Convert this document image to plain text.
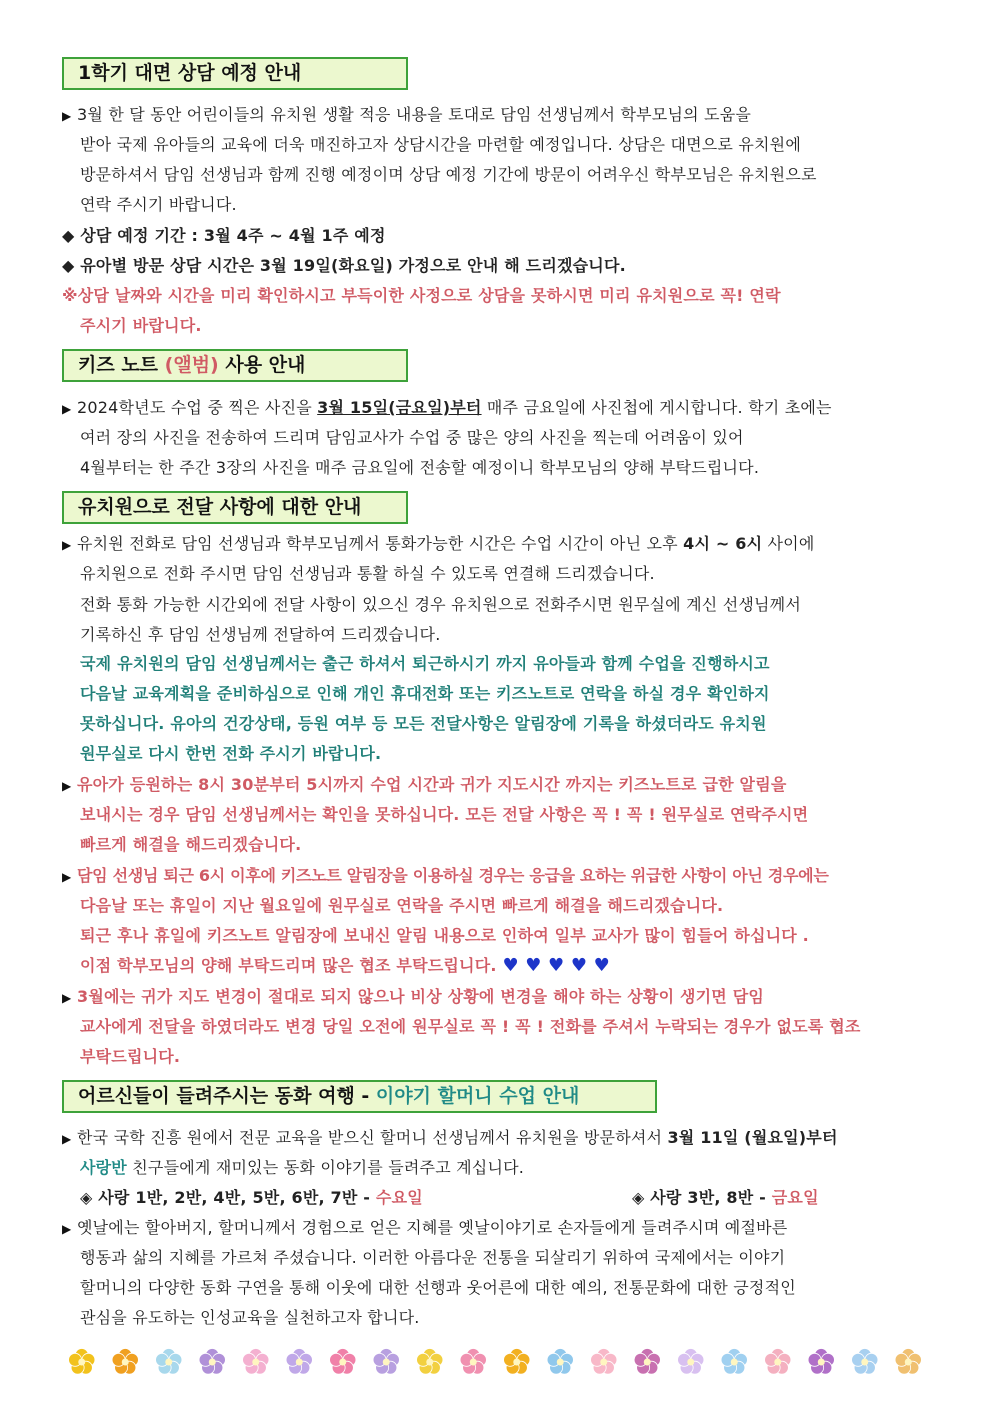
1학기 대면 상담 예정 안내
▶ 3월 한 달 동안 어린이들의 유치원 생활 적응 내용을 토대로 담임 선생님께서 학부모님의 도움을
받아 국제 유아들의 교육에 더욱 매진하고자 상담시간을 마련할 예정입니다. 상담은 대면으로 유치원에
방문하셔서 담임 선생님과 함께 진행 예정이며 상담 예정 기간에 방문이 어려우신 학부모님은 유치원으로
연락 주시기 바랍니다.
◆ 상담 예정 기간 : 3월 4주 ~ 4월 1주 예정
◆ 유아별 방문 상담 시간은 3월 19일(화요일) 가정으로 안내 해 드리겠습니다.
※상담 날짜와 시간을 미리 확인하시고 부득이한 사정으로 상담을 못하시면 미리 유치원으로 꼭! 연락
주시기 바랍니다.
키즈 노트 (앨범) 사용 안내
▶ 2024학년도 수업 중 찍은 사진을 3월 15일(금요일)부터 매주 금요일에 사진첩에 게시합니다. 학기 초에는
여러 장의 사진을 전송하여 드리며 담임교사가 수업 중 많은 양의 사진을 찍는데 어려움이 있어
4월부터는 한 주간 3장의 사진을 매주 금요일에 전송할 예정이니 학부모님의 양해 부탁드립니다.
유치원으로 전달 사항에 대한 안내
▶ 유치원 전화로 담임 선생님과 학부모님께서 통화가능한 시간은 수업 시간이 아닌 오후 4시 ~ 6시 사이에
유치원으로 전화 주시면 담임 선생님과 통활 하실 수 있도록 연결해 드리겠습니다.
전화 통화 가능한 시간외에 전달 사항이 있으신 경우 유치원으로 전화주시면 원무실에 계신 선생님께서
기록하신 후 담임 선생님께 전달하여 드리겠습니다.
국제 유치원의 담임 선생님께서는 출근 하셔서 퇴근하시기 까지 유아들과 함께 수업을 진행하시고
다음날 교육계획을 준비하심으로 인해 개인 휴대전화 또는 키즈노트로 연락을 하실 경우 확인하지
못하십니다. 유아의 건강상태, 등원 여부 등 모든 전달사항은 알림장에 기록을 하셨더라도 유치원
원무실로 다시 한번 전화 주시기 바랍니다.
▶ 유아가 등원하는 8시 30분부터 5시까지 수업 시간과 귀가 지도시간 까지는 키즈노트로 급한 알림을
보내시는 경우 담임 선생님께서는 확인을 못하십니다. 모든 전달 사항은 꼭 ! 꼭 ! 원무실로 연락주시면
빠르게 해결을 해드리겠습니다.
▶ 담임 선생님 퇴근 6시 이후에 키즈노트 알림장을 이용하실 경우는 응급을 요하는 위급한 사항이 아닌 경우에는
다음날 또는 휴일이 지난 월요일에 원무실로 연락을 주시면 빠르게 해결을 해드리겠습니다.
퇴근 후나 휴일에 키즈노트 알림장에 보내신 알림 내용으로 인하여 일부 교사가 많이 힘들어 하십니다 .
이점 학부모님의 양해 부탁드리며 많은 협조 부탁드립니다. ♥ ♥ ♥ ♥ ♥
▶ 3월에는 귀가 지도 변경이 절대로 되지 않으나 비상 상황에 변경을 해야 하는 상황이 생기면 담임
교사에게 전달을 하였더라도 변경 당일 오전에 원무실로 꼭 ! 꼭 ! 전화를 주셔서 누락되는 경우가 없도록 협조
부탁드립니다.
어르신들이 들려주시는 동화 여행 - 이야기 할머니 수업 안내
▶ 한국 국학 진흥 원에서 전문 교육을 받으신 할머니 선생님께서 유치원을 방문하셔서 3월 11일 (월요일)부터
사랑반 친구들에게 재미있는 동화 이야기를 들려주고 계십니다.
◈ 사랑 1반, 2반, 4반, 5반, 6반, 7반 - 수요일	◈ 사랑 3반, 8반 - 금요일
▶ 옛날에는 할아버지, 할머니께서 경험으로 얻은 지혜를 옛날이야기로 손자들에게 들려주시며 예절바른
행동과 삶의 지혜를 가르쳐 주셨습니다. 이러한 아름다운 전통을 되살리기 위하여 국제에서는 이야기
할머니의 다양한 동화 구연을 통해 이웃에 대한 선행과 웃어른에 대한 예의, 전통문화에 대한 긍정적인
관심을 유도하는 인성교육을 실천하고자 합니다.
